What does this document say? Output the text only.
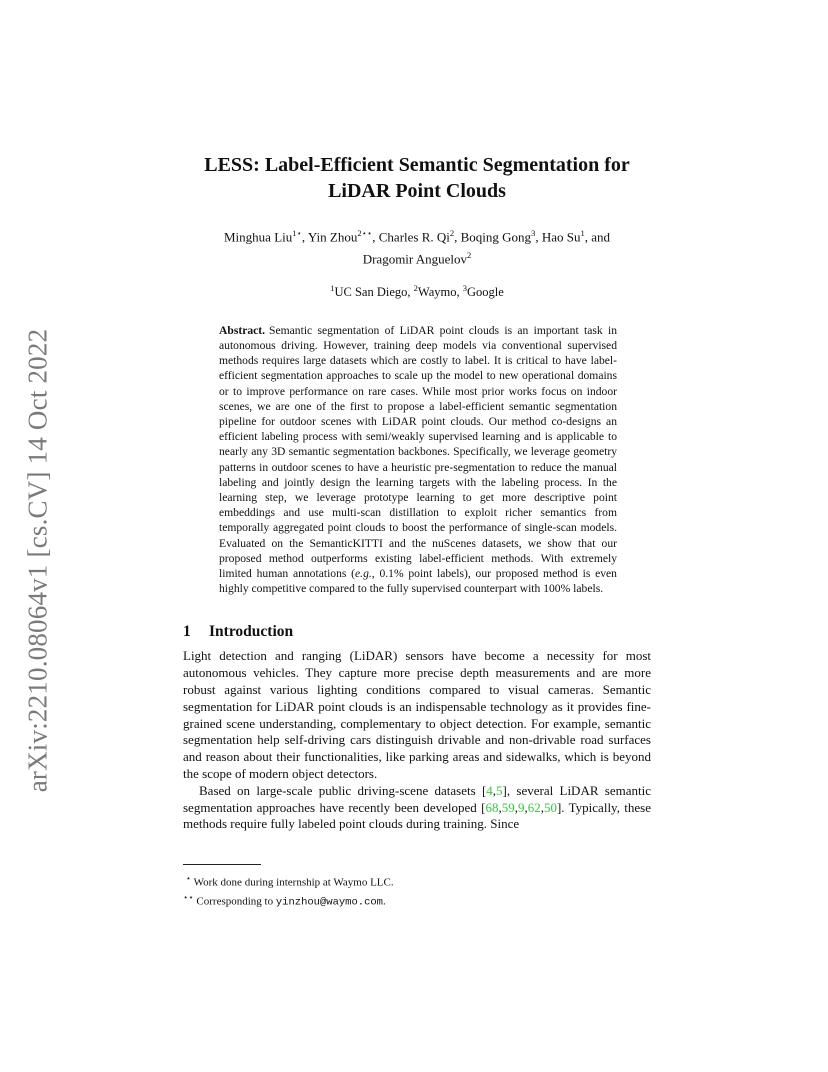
arXiv:2210.08064v1 [cs.CV] 14 Oct 2022
LESS: Label-Efficient Semantic Segmentation for
LiDAR Point Clouds
Minghua Liu$^{1⋆}$, Yin Zhou$^{2⋆⋆}$, Charles R. Qi$^2$, Boqing Gong$^3$, Hao Su$^1$, and
Dragomir Anguelov$^2$
$^1$UC San Diego, $^2$Waymo, $^3$Google

Abstract. Semantic segmentation of LiDAR point clouds is an important task in autonomous driving. However, training deep models via conventional supervised methods requires large datasets which are costly to label. It is critical to have label-efficient segmentation approaches to scale up the model to new operational domains or to improve performance on rare cases. While most prior works focus on indoor scenes, we are one of the first to propose a label-efficient semantic segmentation pipeline for outdoor scenes with LiDAR point clouds. Our method co-designs an efficient labeling process with semi/weakly supervised learning and is applicable to nearly any 3D semantic segmentation backbones. Specifically, we leverage geometry patterns in outdoor scenes to have a heuristic pre-segmentation to reduce the manual labeling and jointly design the learning targets with the labeling process. In the learning step, we leverage prototype learning to get more descriptive point embeddings and use multi-scan distillation to exploit richer semantics from temporally aggregated point clouds to boost the performance of single-scan models. Evaluated on the SemanticKITTI and the nuScenes datasets, we show that our proposed method outperforms existing label-efficient methods. With extremely limited human annotations (e.g., 0.1% point labels), our proposed method is even highly competitive compared to the fully supervised counterpart with 100% labels.

1 Introduction

Light detection and ranging (LiDAR) sensors have become a necessity for most autonomous vehicles. They capture more precise depth measurements and are more robust against various lighting conditions compared to visual cameras. Semantic segmentation for LiDAR point clouds is an indispensable technology as it provides fine-grained scene understanding, complementary to object detection. For example, semantic segmentation help self-driving cars distinguish drivable and non-drivable road surfaces and reason about their functionalities, like parking areas and sidewalks, which is beyond the scope of modern object detectors.

Based on large-scale public driving-scene datasets [4,5], several LiDAR semantic segmentation approaches have recently been developed [68,59,9,62,50]. Typically, these methods require fully labeled point clouds during training. Since

⋆ Work done during internship at Waymo LLC.
⋆⋆ Corresponding to yinzhou@waymo.com.
